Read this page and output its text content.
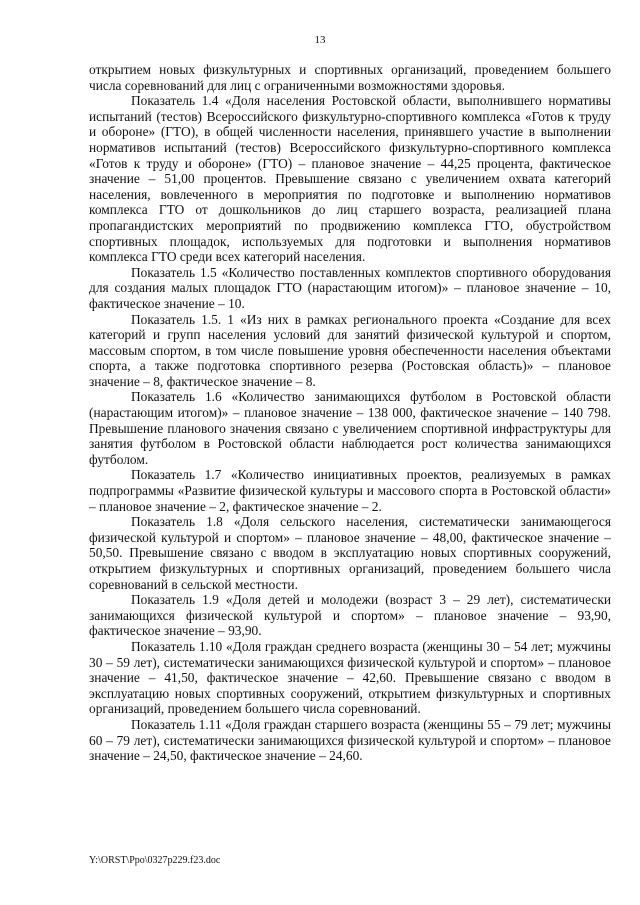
13

открытием новых физкультурных и спортивных организаций, проведением большего числа соревнований для лиц с ограниченными возможностями здоровья.

Показатель 1.4 «Доля населения Ростовской области, выполнившего нормативы испытаний (тестов) Всероссийского физкультурно-спортивного комплекса «Готов к труду и обороне» (ГТО), в общей численности населения, принявшего участие в выполнении нормативов испытаний (тестов) Всероссийского физкультурно-спортивного комплекса «Готов к труду и обороне» (ГТО) – плановое значение – 44,25 процента, фактическое значение – 51,00 процентов. Превышение связано с увеличением охвата категорий населения, вовлеченного в мероприятия по подготовке и выполнению нормативов комплекса ГТО от дошкольников до лиц старшего возраста, реализацией плана пропагандистских мероприятий по продвижению комплекса ГТО, обустройством спортивных площадок, используемых для подготовки и выполнения нормативов комплекса ГТО среди всех категорий населения.

Показатель 1.5 «Количество поставленных комплектов спортивного оборудования для создания малых площадок ГТО (нарастающим итогом)» – плановое значение – 10, фактическое значение – 10.

Показатель 1.5. 1 «Из них в рамках регионального проекта «Создание для всех категорий и групп населения условий для занятий физической культурой и спортом, массовым спортом, в том числе повышение уровня обеспеченности населения объектами спорта, а также подготовка спортивного резерва (Ростовская область)» – плановое значение – 8, фактическое значение – 8.

Показатель 1.6 «Количество занимающихся футболом в Ростовской области (нарастающим итогом)» – плановое значение – 138 000, фактическое значение – 140 798. Превышение планового значения связано с увеличением спортивной инфраструктуры для занятия футболом в Ростовской области наблюдается рост количества занимающихся футболом.

Показатель 1.7 «Количество инициативных проектов, реализуемых в рамках подпрограммы «Развитие физической культуры и массового спорта в Ростовской области» – плановое значение – 2, фактическое значение – 2.

Показатель 1.8 «Доля сельского населения, систематически занимающегося физической культурой и спортом» – плановое значение – 48,00, фактическое значение – 50,50. Превышение связано с вводом в эксплуатацию новых спортивных сооружений, открытием физкультурных и спортивных организаций, проведением большего числа соревнований в сельской местности.

Показатель 1.9 «Доля детей и молодежи (возраст 3 – 29 лет), систематически занимающихся физической культурой и спортом» – плановое значение – 93,90, фактическое значение – 93,90.

Показатель 1.10 «Доля граждан среднего возраста (женщины 30 – 54 лет; мужчины 30 – 59 лет), систематически занимающихся физической культурой и спортом» – плановое значение – 41,50, фактическое значение – 42,60. Превышение связано с вводом в эксплуатацию новых спортивных сооружений, открытием физкультурных и спортивных организаций, проведением большего числа соревнований.

Показатель 1.11 «Доля граждан старшего возраста (женщины 55 – 79 лет; мужчины 60 – 79 лет), систематически занимающихся физической культурой и спортом» – плановое значение – 24,50, фактическое значение – 24,60.

Y:\ORST\Ppo\0327p229.f23.doc
